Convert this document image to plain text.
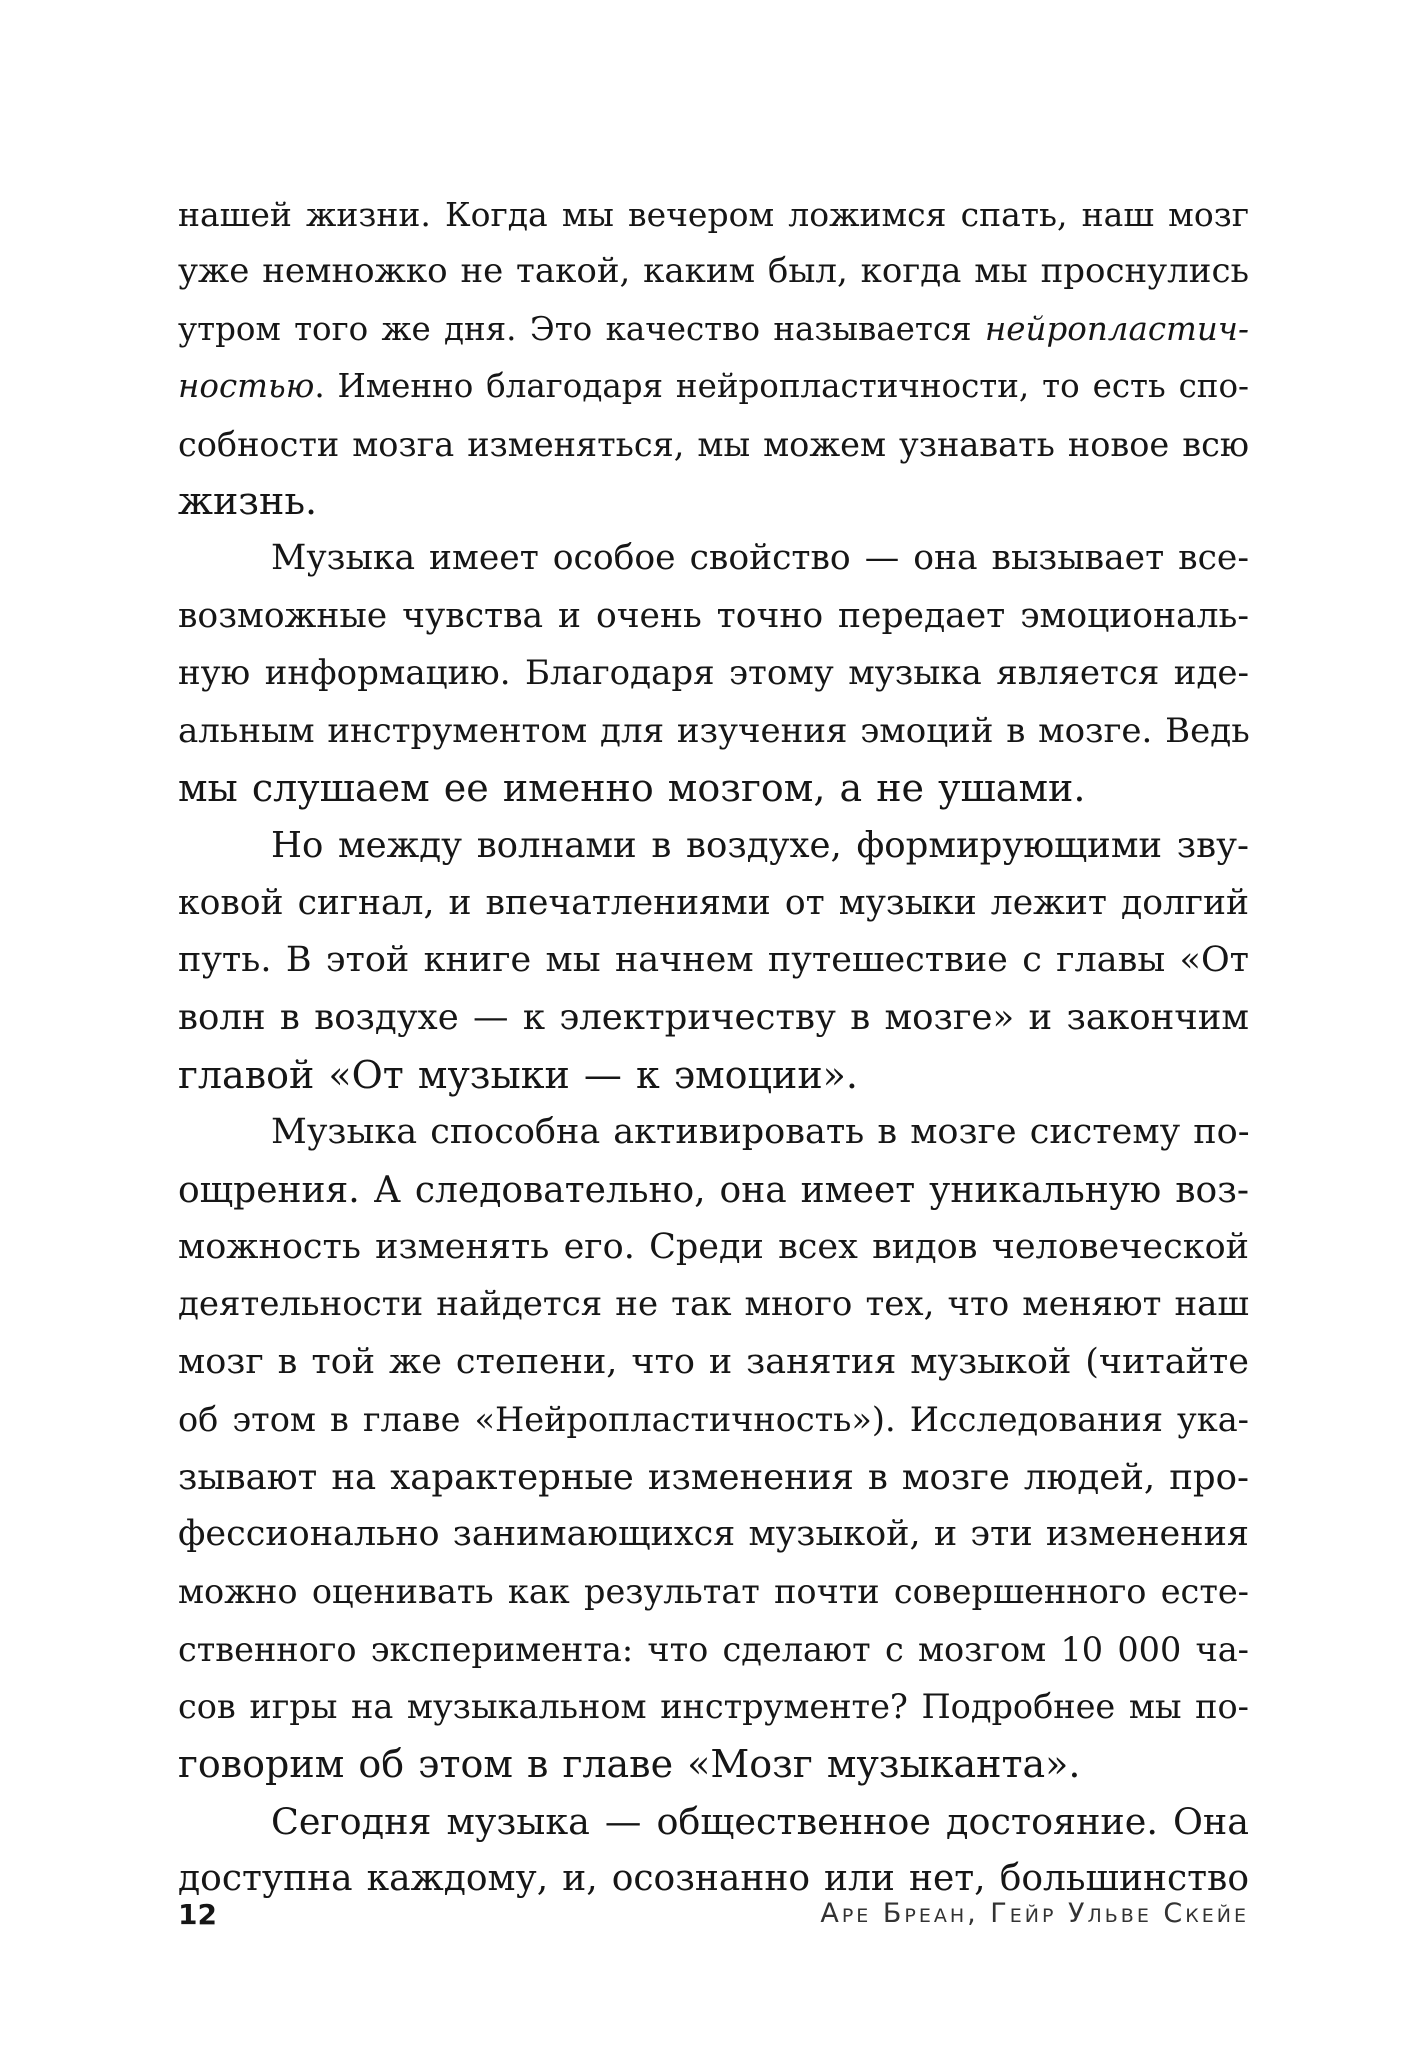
нашей жизни. Когда мы вечером ложимся спать, наш мозг
уже немножко не такой, каким был, когда мы проснулись
утром того же дня. Это качество называется нейропластич-
ностью. Именно благодаря нейропластичности, то есть спо-
собности мозга изменяться, мы можем узнавать новое всю
жизнь.
Музыка имеет особое свойство — она вызывает все-
возможные чувства и очень точно передает эмоциональ-
ную информацию. Благодаря этому музыка является иде-
альным инструментом для изучения эмоций в мозге. Ведь
мы слушаем ее именно мозгом, а не ушами.
Но между волнами в воздухе, формирующими зву-
ковой сигнал, и впечатлениями от музыки лежит долгий
путь. В этой книге мы начнем путешествие с главы «От
волн в воздухе — к электричеству в мозге» и закончим
главой «От музыки — к эмоции».
Музыка способна активировать в мозге систему по-
ощрения. А следовательно, она имеет уникальную воз-
можность изменять его. Среди всех видов человеческой
деятельности найдется не так много тех, что меняют наш
мозг в той же степени, что и занятия музыкой (читайте
об этом в главе «Нейропластичность»). Исследования ука-
зывают на характерные изменения в мозге людей, про-
фессионально занимающихся музыкой, и эти изменения
можно оценивать как результат почти совершенного есте-
ственного эксперимента: что сделают с мозгом 10 000 ча-
сов игры на музыкальном инструменте? Подробнее мы по-
говорим об этом в главе «Мозг музыканта».
Сегодня музыка — общественное достояние. Она
доступна каждому, и, осознанно или нет, большинство
12	Аре Бреан, Гейр Ульве Скейе
